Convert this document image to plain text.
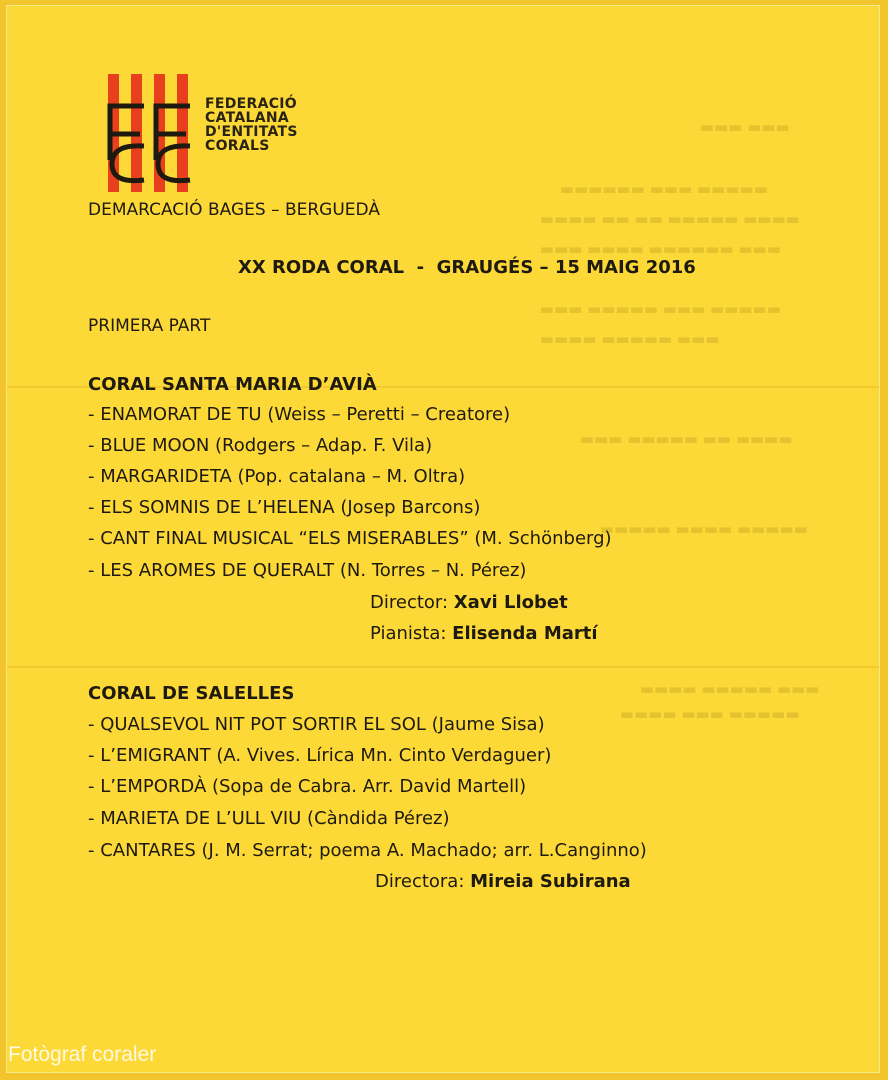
▬▬▬ ▬▬▬
▬▬▬▬▬ ▬▬▬ ▬▬▬▬▬▬
▬▬▬▬ ▬▬▬▬▬ ▬▬ ▬▬ ▬▬▬▬
▬▬▬ ▬▬▬▬▬▬ ▬▬▬▬ ▬▬▬
▬▬▬▬▬ ▬▬▬ ▬▬▬▬▬ ▬▬▬
▬▬▬ ▬▬▬▬▬ ▬▬▬▬
▬▬▬▬ ▬▬ ▬▬▬▬▬ ▬▬▬
▬▬▬▬▬ ▬▬▬▬ ▬▬▬▬▬
▬▬▬ ▬▬▬▬▬ ▬▬▬▬
▬▬▬▬▬ ▬▬▬ ▬▬▬▬
FEDERACIÓ
CATALANA
D'ENTITATS
CORALS
DEMARCACIÓ BAGES – BERGUEDÀ
XX RODA CORAL  -  GRAUGÉS – 15 MAIG 2016
PRIMERA PART
CORAL SANTA MARIA D’AVIÀ
- ENAMORAT DE TU (Weiss – Peretti – Creatore)
- BLUE MOON (Rodgers – Adap. F. Vila)
- MARGARIDETA (Pop. catalana – M. Oltra)
- ELS SOMNIS DE L’HELENA (Josep Barcons)
- CANT FINAL MUSICAL “ELS MISERABLES” (M. Schönberg)
- LES AROMES DE QUERALT (N. Torres – N. Pérez)
Director: Xavi Llobet
Pianista: Elisenda Martí
CORAL DE SALELLES
- QUALSEVOL NIT POT SORTIR EL SOL (Jaume Sisa)
- L’EMIGRANT (A. Vives. Lírica Mn. Cinto Verdaguer)
- L’EMPORDÀ (Sopa de Cabra. Arr. David Martell)
- MARIETA DE L’ULL VIU (Càndida Pérez)
- CANTARES (J. M. Serrat; poema A. Machado; arr. L.Canginno)
Directora: Mireia Subirana
Fotògraf coraler
